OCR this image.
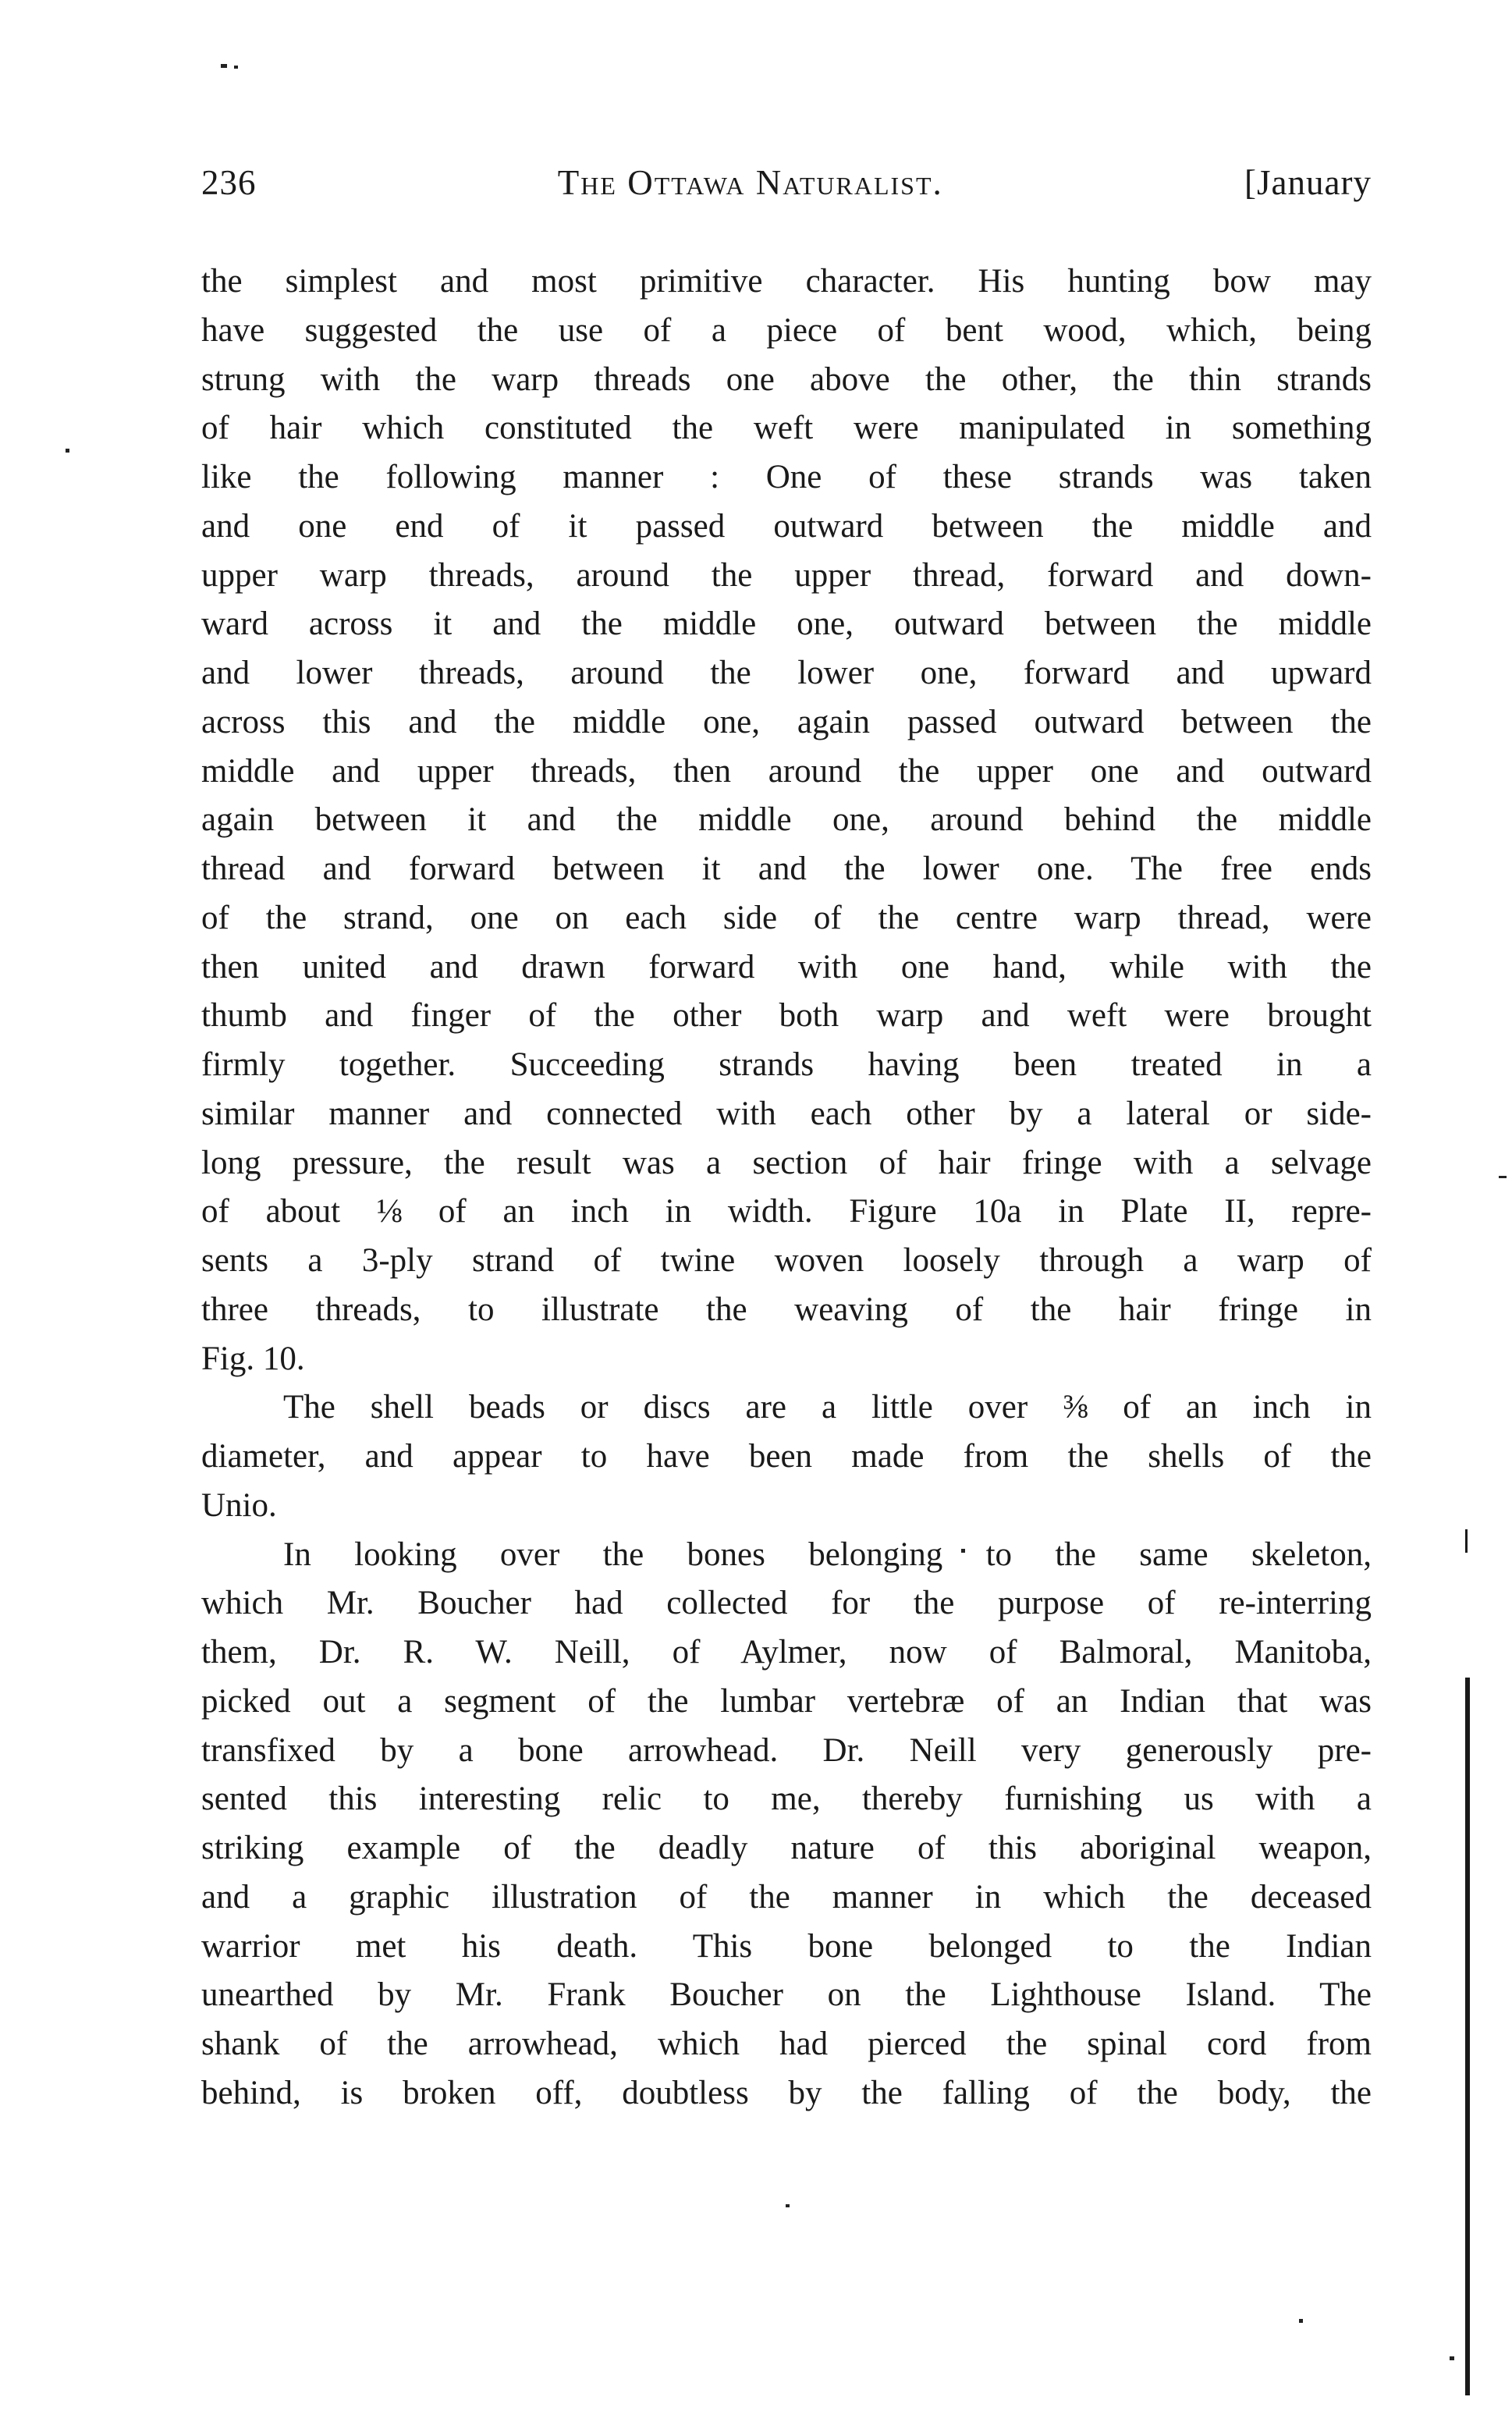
236	The Ottawa Naturalist.	[January
the simplest and most primitive character. His hunting bow may
have suggested the use of a piece of bent wood, which, being
strung with the warp threads one above the other, the thin strands
of hair which constituted the weft were manipulated in something
like the following manner : One of these strands was taken
and one end of it passed outward between the middle and
upper warp threads, around the upper thread, forward and down-
ward across it and the middle one, outward between the middle
and lower threads, around the lower one, forward and upward
across this and the middle one, again passed outward between the
middle and upper threads, then around the upper one and outward
again between it and the middle one, around behind the middle
thread and forward between it and the lower one. The free ends
of the strand, one on each side of the centre warp thread, were
then united and drawn forward with one hand, while with the
thumb and finger of the other both warp and weft were brought
firmly together. Succeeding strands having been treated in a
similar manner and connected with each other by a lateral or side-
long pressure, the result was a section of hair fringe with a selvage
of about ⅛ of an inch in width. Figure 10a in Plate II, repre-
sents a 3-ply strand of twine woven loosely through a warp of
three threads, to illustrate the weaving of the hair fringe in
Fig. 10.
The shell beads or discs are a little over ⅜ of an inch in
diameter, and appear to have been made from the shells of the
Unio.
In looking over the bones belonging to the same skeleton,
which Mr. Boucher had collected for the purpose of re-interring
them, Dr. R. W. Neill, of Aylmer, now of Balmoral, Manitoba,
picked out a segment of the lumbar vertebræ of an Indian that was
transfixed by a bone arrowhead. Dr. Neill very generously pre-
sented this interesting relic to me, thereby furnishing us with a
striking example of the deadly nature of this aboriginal weapon,
and a graphic illustration of the manner in which the deceased
warrior met his death. This bone belonged to the Indian
unearthed by Mr. Frank Boucher on the Lighthouse Island. The
shank of the arrowhead, which had pierced the spinal cord from
behind, is broken off, doubtless by the falling of the body, the
